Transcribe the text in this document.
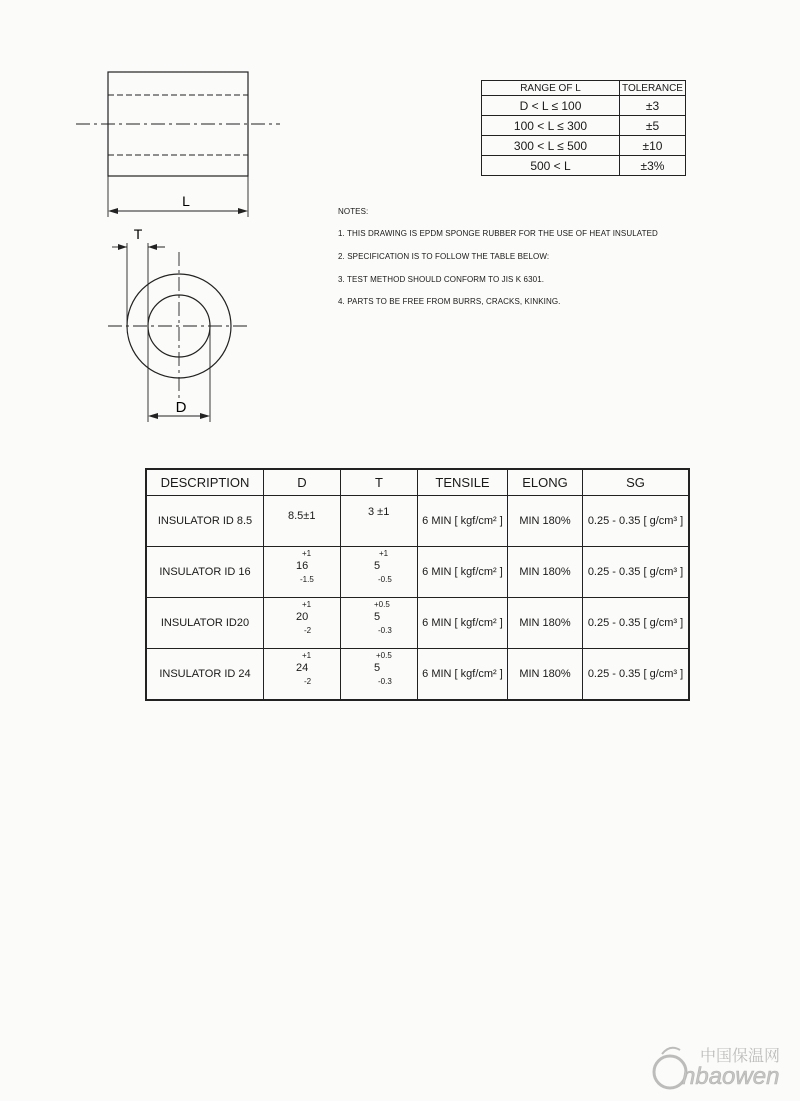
L
T
D
RANGE OF L	TOLERANCE
D < L ≤ 100	±3
100 < L ≤ 300	±5
300 < L ≤ 500	±10
500 < L	±3%
NOTES:
1. THIS DRAWING IS EPDM SPONGE RUBBER FOR THE USE OF HEAT INSULATED
2. SPECIFICATION IS TO FOLLOW THE TABLE BELOW:
3. TEST METHOD SHOULD CONFORM TO JIS K 6301.
4. PARTS TO BE FREE FROM BURRS, CRACKS, KINKING.
DESCRIPTION	D	T	TENSILE	ELONG	SG
INSULATOR ID 8.5	8.5±1	3 ±1	6 MIN [ kgf/cm² ]	MIN 180%	0.25 - 0.35 [ g/cm³ ]
INSULATOR ID 16	+1
16
-1.5	+1
5
-0.5	6 MIN [ kgf/cm² ]	MIN 180%	0.25 - 0.35 [ g/cm³ ]
INSULATOR ID20	+1
20
-2	+0.5
5
-0.3	6 MIN [ kgf/cm² ]	MIN 180%	0.25 - 0.35 [ g/cm³ ]
INSULATOR ID 24	+1
24
-2	+0.5
5
-0.3	6 MIN [ kgf/cm² ]	MIN 180%	0.25 - 0.35 [ g/cm³ ]
中国保温网
nbaowen
